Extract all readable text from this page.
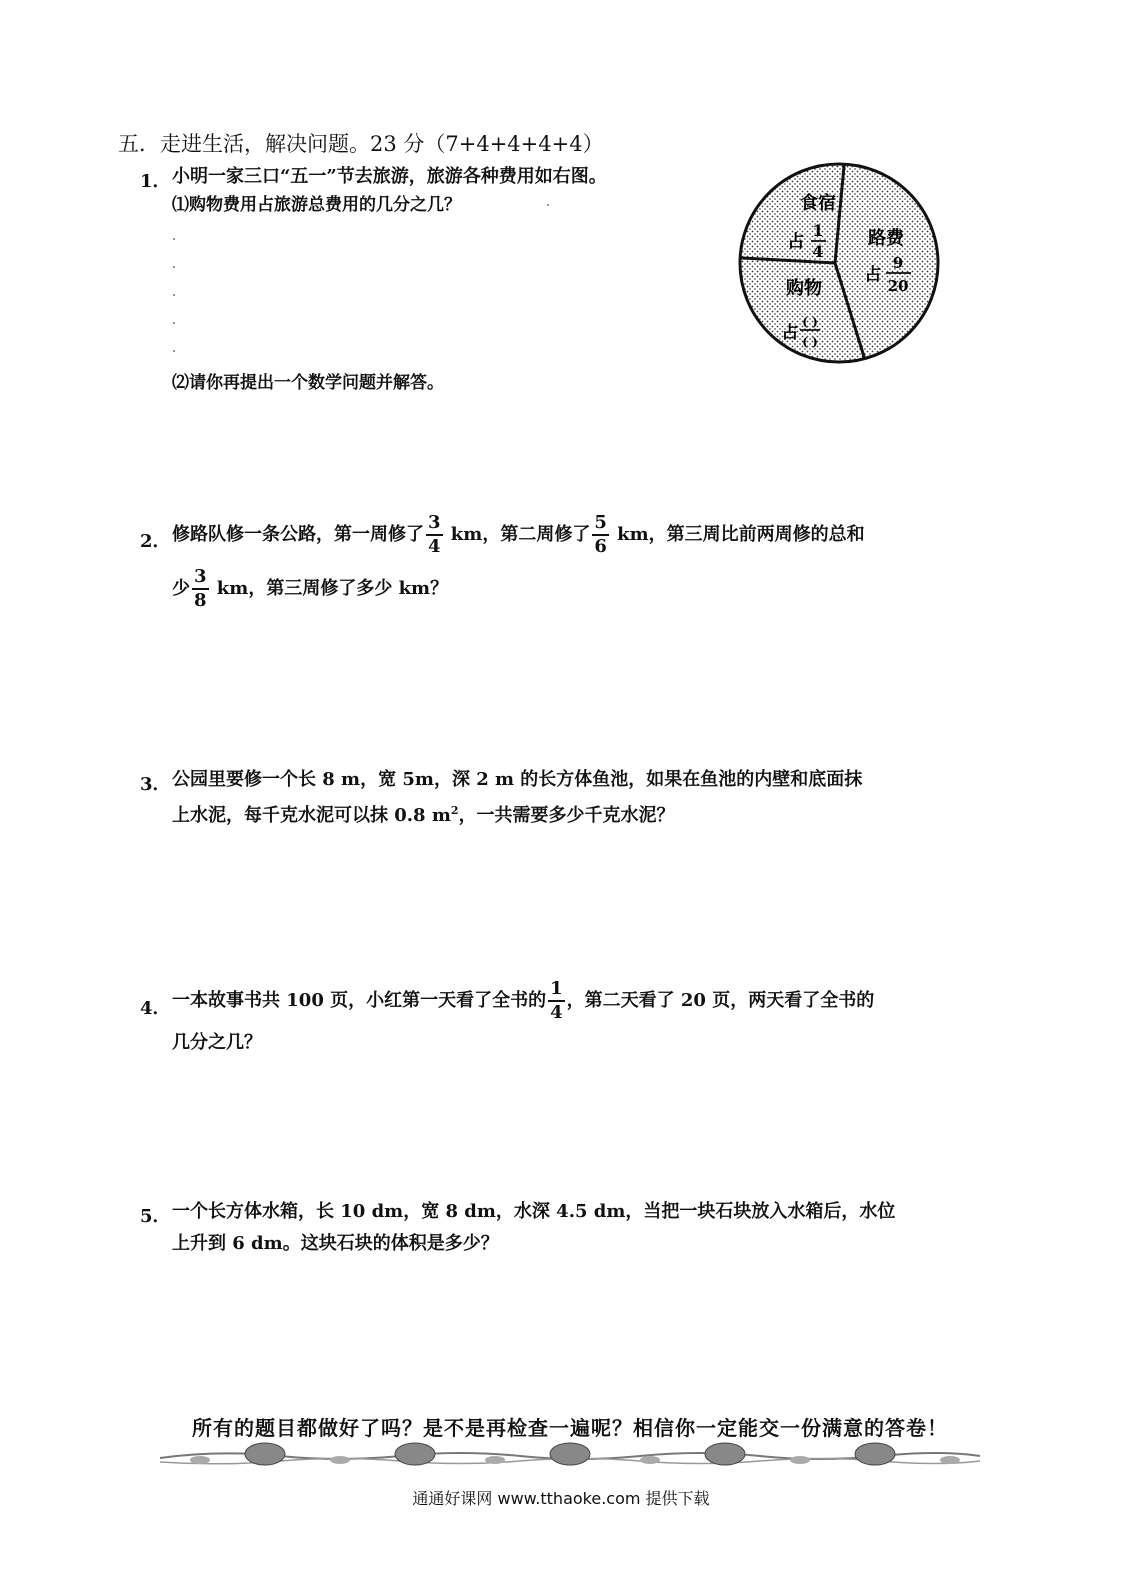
五．走进生活，解决问题。23 分（7+4+4+4+4）
1． 小明一家三口“五一”节去旅游，旅游各种费用如右图。
⑴购物费用占旅游总费用的几分之几？
⑵请你再提出一个数学问题并解答。
食宿
占
1
4
路费
占
9
20
购物
占
( )
( )
2． 修路队修一条公路，第一周修了 $\frac{3}{4}$ km，第二周修了 $\frac{5}{6}$ km，第三周比前两周修的总和
少 $\frac{3}{8}$ km，第三周修了多少 km？
3． 公园里要修一个长 8 m，宽 5m，深 2 m 的长方体鱼池，如果在鱼池的内壁和底面抹
上水泥，每千克水泥可以抹 0.8 $m^2$，一共需要多少千克水泥？
4． 一本故事书共 100 页，小红第一天看了全书的 $\frac{1}{4}$ ，第二天看了 20 页，两天看了全书的
几分之几？
5． 一个长方体水箱，长 10 dm，宽 8 dm，水深 4.5 dm，当把一块石块放入水箱后，水位
上升到 6 dm。这块石块的体积是多少？
所有的题目都做好了吗？是不是再检查一遍呢？相信你一定能交一份满意的答卷！
通通好课网 www.tthaoke.com 提供下载
